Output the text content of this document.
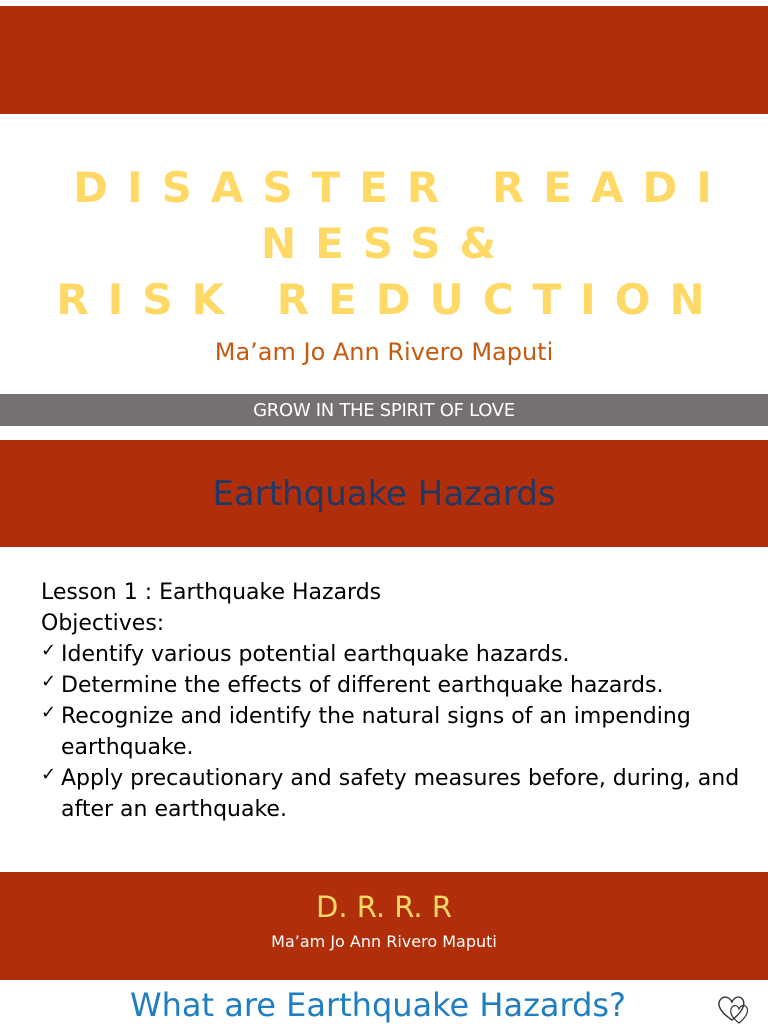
DISASTER READI
NESS&
RISK REDUCTION
Ma’am Jo Ann Rivero Maputi
GROW IN THE SPIRIT OF LOVE
Earthquake Hazards
Lesson 1 : Earthquake Hazards
Objectives:
✓ Identify various potential earthquake hazards.
✓ Determine the effects of different earthquake hazards.
✓ Recognize and identify the natural signs of an impending earthquake.
✓ Apply precautionary and safety measures before, during, and after an earthquake.
D. R. R. R
Ma’am Jo Ann Rivero Maputi
What are Earthquake Hazards?
